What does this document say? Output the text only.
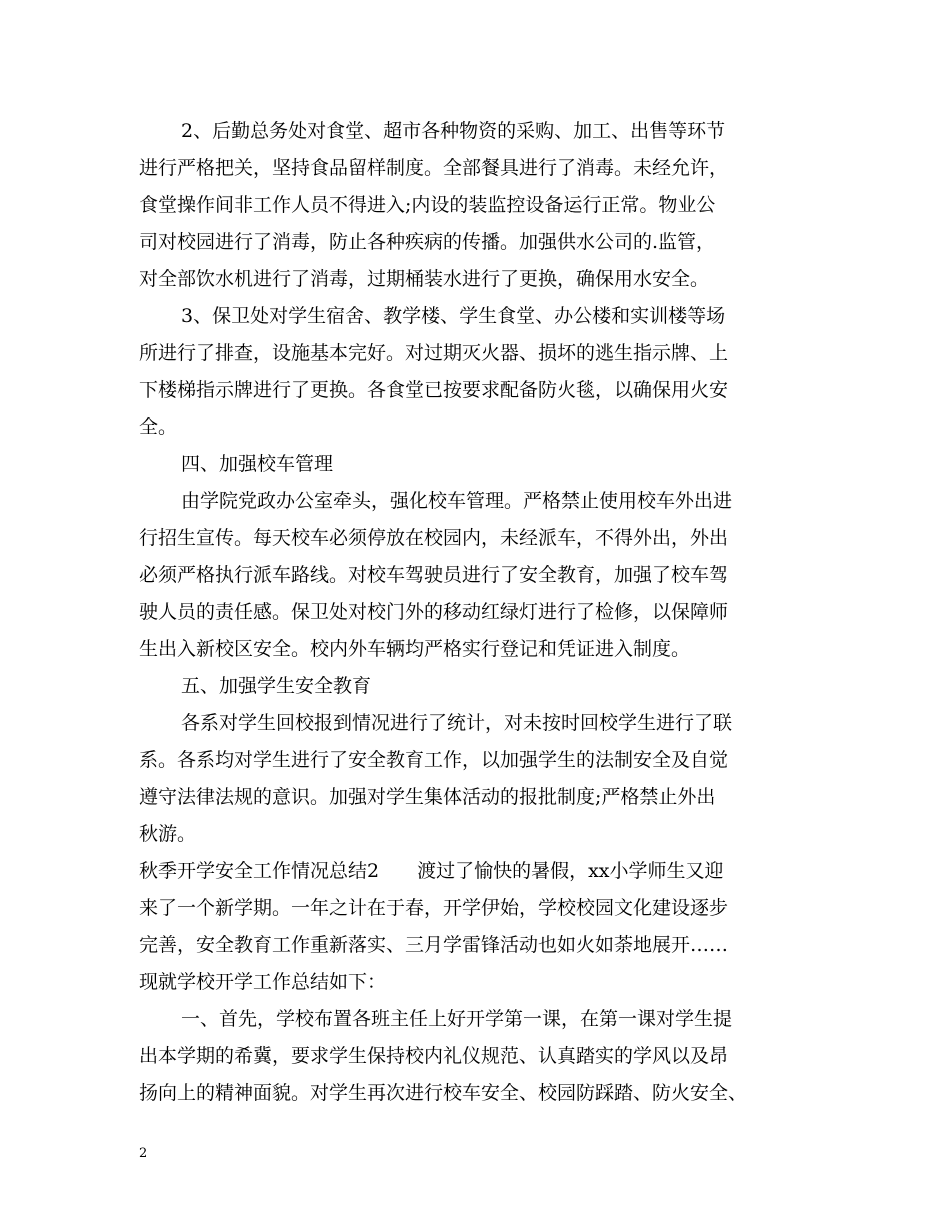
2、后勤总务处对食堂、超市各种物资的采购、加工、出售等环节
进行严格把关，坚持食品留样制度。全部餐具进行了消毒。未经允许，
食堂操作间非工作人员不得进入;内设的装监控设备运行正常。物业公
司对校园进行了消毒，防止各种疾病的传播。加强供水公司的.监管，
对全部饮水机进行了消毒，过期桶装水进行了更换，确保用水安全。
3、保卫处对学生宿舍、教学楼、学生食堂、办公楼和实训楼等场
所进行了排查，设施基本完好。对过期灭火器、损坏的逃生指示牌、上
下楼梯指示牌进行了更换。各食堂已按要求配备防火毯，以确保用火安
全。
四、加强校车管理
由学院党政办公室牵头，强化校车管理。严格禁止使用校车外出进
行招生宣传。每天校车必须停放在校园内，未经派车，不得外出，外出
必须严格执行派车路线。对校车驾驶员进行了安全教育，加强了校车驾
驶人员的责任感。保卫处对校门外的移动红绿灯进行了检修，以保障师
生出入新校区安全。校内外车辆均严格实行登记和凭证进入制度。
五、加强学生安全教育
各系对学生回校报到情况进行了统计，对未按时回校学生进行了联
系。各系均对学生进行了安全教育工作，以加强学生的法制安全及自觉
遵守法律法规的意识。加强对学生集体活动的报批制度;严格禁止外出
秋游。
秋季开学安全工作情况总结2　　渡过了愉快的暑假，xx小学师生又迎
来了一个新学期。一年之计在于春，开学伊始，学校校园文化建设逐步
完善，安全教育工作重新落实、三月学雷锋活动也如火如荼地展开……
现就学校开学工作总结如下：
一、首先，学校布置各班主任上好开学第一课，在第一课对学生提
出本学期的希冀，要求学生保持校内礼仪规范、认真踏实的学风以及昂
扬向上的精神面貌。对学生再次进行校车安全、校园防踩踏、防火安全、
2
